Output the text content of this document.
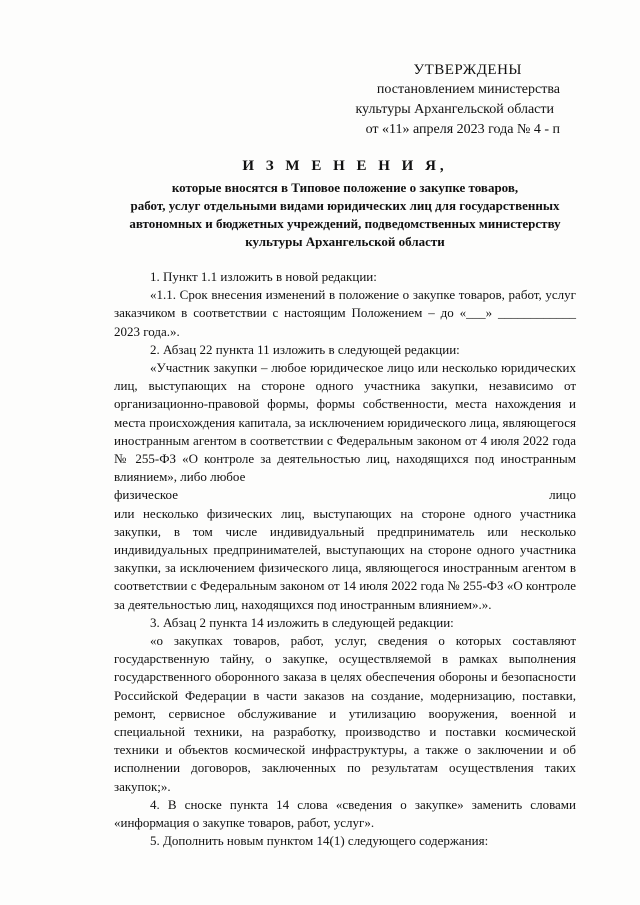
УТВЕРЖДЕНЫ
постановлением министерства
культуры Архангельской области
от «11» апреля 2023 года № 4 - п
И З М Е Н Е Н И Я,
которые вносятся в Типовое положение о закупке товаров,
работ, услуг отдельными видами юридических лиц для государственных
автономных и бюджетных учреждений, подведомственных министерству
культуры Архангельской области

1. Пункт 1.1 изложить в новой редакции:

«1.1. Срок внесения изменений в положение о закупке товаров, работ, услуг заказчиком в соответствии с настоящим Положением – до «___» ____________ 2023 года.».

2. Абзац 22 пункта 11 изложить в следующей редакции:

«Участник закупки – любое юридическое лицо или несколько юридических лиц, выступающих на стороне одного участника закупки, независимо от организационно-правовой формы, формы собственности, места нахождения и места происхождения капитала, за исключением юридического лица, являющегося иностранным агентом в соответствии с Федеральным законом от 4 июля 2022 года № 255-ФЗ «О контроле за деятельностью лиц, находящихся под иностранным влиянием», либо любое

физическое	лицо

или несколько физических лиц, выступающих на стороне одного участника закупки, в том числе индивидуальный предприниматель или несколько индивидуальных предпринимателей, выступающих на стороне одного участника закупки, за исключением физического лица, являющегося иностранным агентом в соответствии с Федеральным законом от 14 июля 2022 года № 255-ФЗ «О контроле за деятельностью лиц, находящихся под иностранным влиянием».».

3. Абзац 2 пункта 14 изложить в следующей редакции:

«о закупках товаров, работ, услуг, сведения о которых составляют государственную тайну, о закупке, осуществляемой в рамках выполнения государственного оборонного заказа в целях обеспечения обороны и безопасности Российской Федерации в части заказов на создание, модернизацию, поставки, ремонт, сервисное обслуживание и утилизацию вооружения, военной и специальной техники, на разработку, производство и поставки космической техники и объектов космической инфраструктуры, а также о заключении и об исполнении договоров, заключенных по результатам осуществления таких закупок;».

4. В сноске пункта 14 слова «сведения о закупке» заменить словами «информация о закупке товаров, работ, услуг».

5. Дополнить новым пунктом 14(1) следующего содержания:
